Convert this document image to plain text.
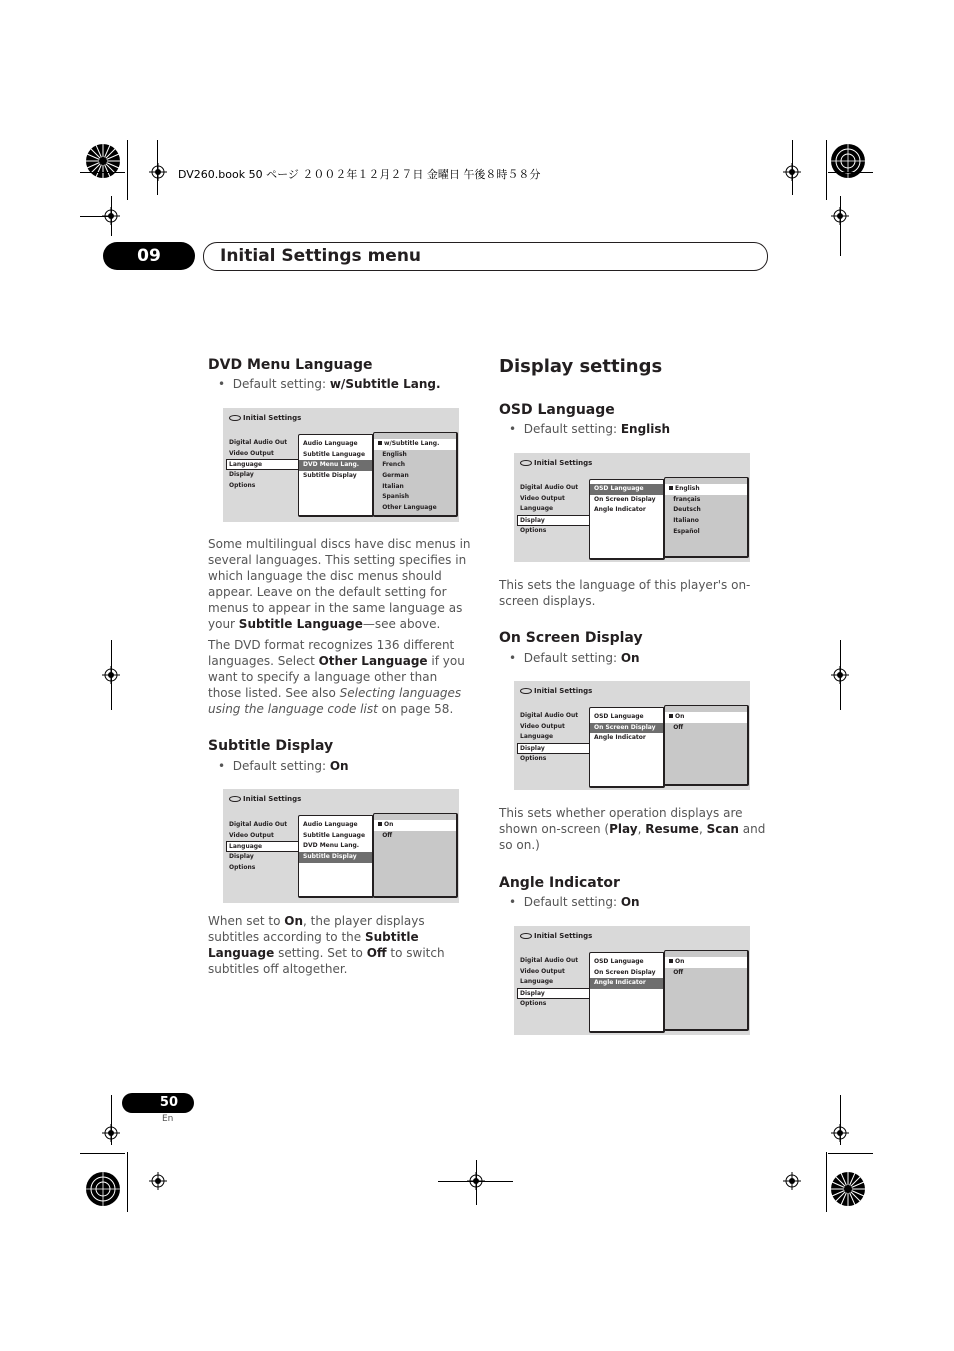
DV260.book 50 ページ ２００２年１２月２７日 金曜日 午後８時５８分
09	Initial Settings menu
DVD Menu Language
•  Default setting: w/Subtitle Lang.
Initial Settings
Digital Audio Out
Video Output
Language
Display
Options
Audio Language
Subtitle Language
DVD Menu Lang.
Subtitle Display
w/Subtitle Lang.
English
French
German
Italian
Spanish
Other Language
Some multilingual discs have disc menus in several languages. This setting specifies in which language the disc menus should appear. Leave on the default setting for menus to appear in the same language as your Subtitle Language—see above.
The DVD format recognizes 136 different languages. Select Other Language if you want to specify a language other than those listed. See also Selecting languages using the language code list on page 58.
Subtitle Display
•  Default setting: On
Initial Settings
Digital Audio Out
Video Output
Language
Display
Options
Audio Language
Subtitle Language
DVD Menu Lang.
Subtitle Display
On
Off
When set to On, the player displays subtitles according to the Subtitle Language setting. Set to Off to switch subtitles off altogether.
Display settings
OSD Language
•  Default setting: English
Initial Settings
Digital Audio Out
Video Output
Language
Display
Options
OSD Language
On Screen Display
Angle Indicator
English
français
Deutsch
Italiano
Español
This sets the language of this player's on-screen displays.
On Screen Display
•  Default setting: On
Initial Settings
Digital Audio Out
Video Output
Language
Display
Options
OSD Language
On Screen Display
Angle Indicator
On
Off
This sets whether operation displays are shown on-screen (Play, Resume, Scan and so on.)
Angle Indicator
•  Default setting: On
Initial Settings
Digital Audio Out
Video Output
Language
Display
Options
OSD Language
On Screen Display
Angle Indicator
On
Off
50
En
